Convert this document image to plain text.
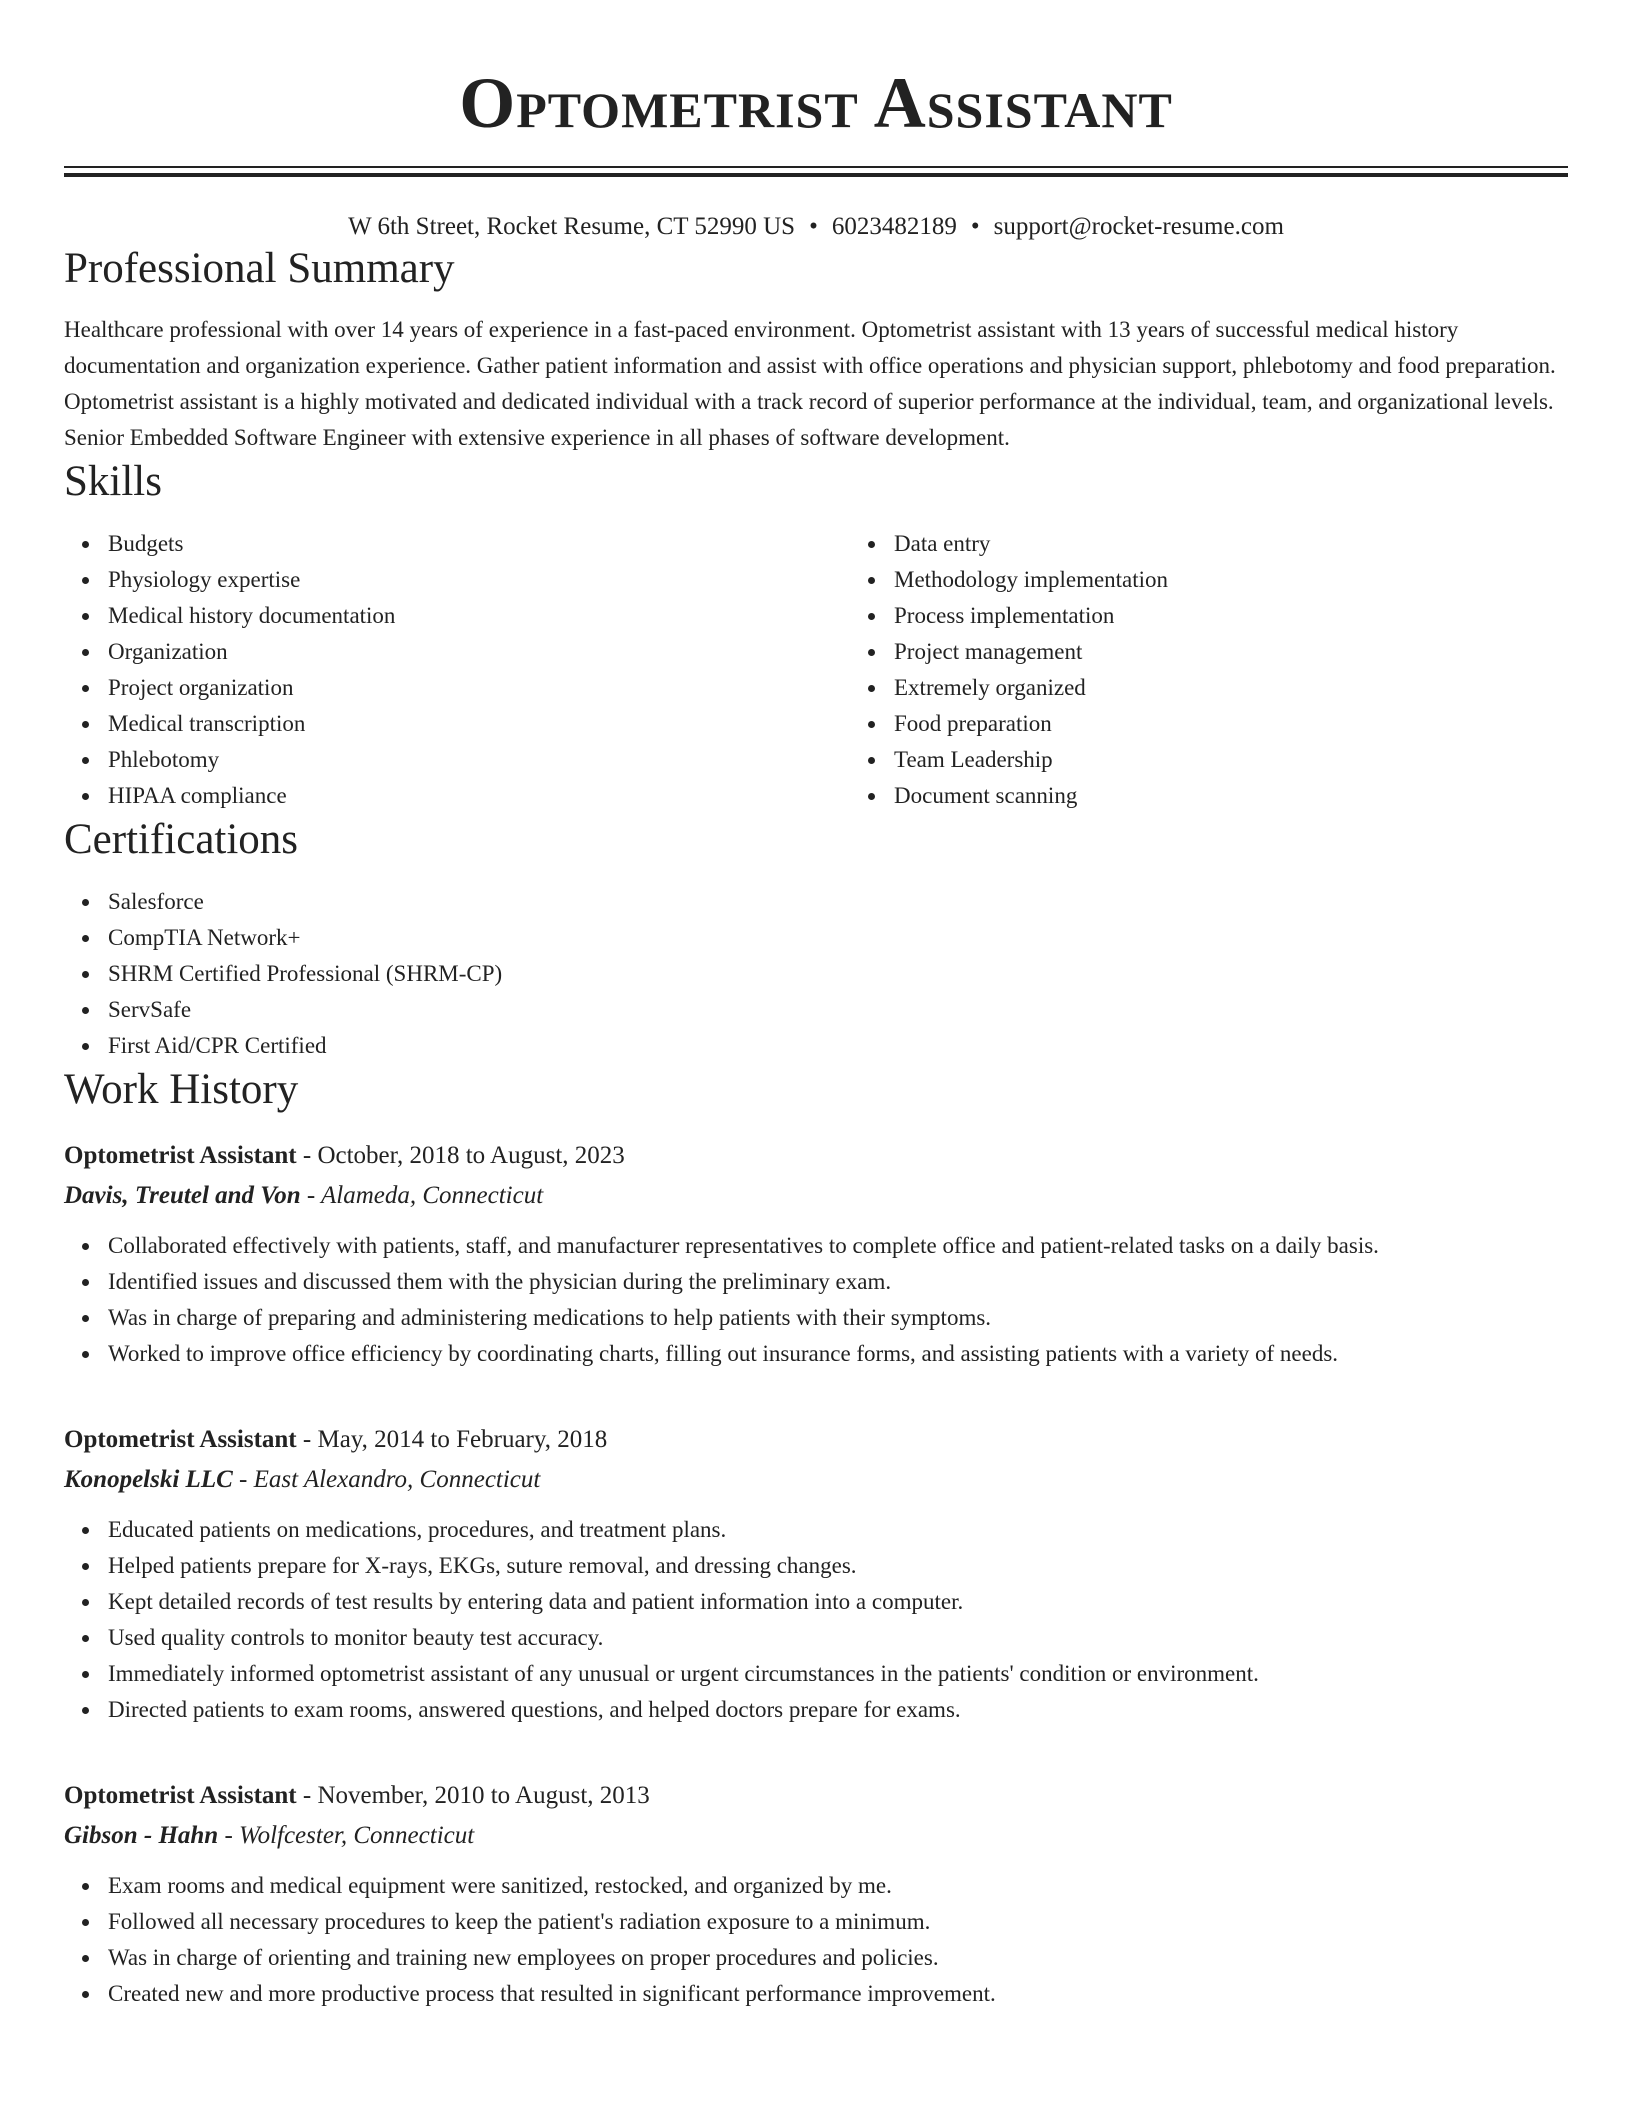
Optometrist Assistant
W 6th Street, Rocket Resume, CT 52990 US • 6023482189 • support@rocket-resume.com
Professional Summary

Healthcare professional with over 14 years of experience in a fast-paced environment. Optometrist assistant with 13 years of successful medical history documentation and organization experience. Gather patient information and assist with office operations and physician support, phlebotomy and food preparation. Optometrist assistant is a highly motivated and dedicated individual with a track record of superior performance at the individual, team, and organizational levels. Senior Embedded Software Engineer with extensive experience in all phases of software development.

Skills
Budgets
Physiology expertise
Medical history documentation
Organization
Project organization
Medical transcription
Phlebotomy
HIPAA compliance
Data entry
Methodology implementation
Process implementation
Project management
Extremely organized
Food preparation
Team Leadership
Document scanning
Certifications
Salesforce
CompTIA Network+
SHRM Certified Professional (SHRM-CP)
ServSafe
First Aid/CPR Certified
Work History
Optometrist Assistant - October, 2018 to August, 2023
Davis, Treutel and Von - Alameda, Connecticut
Collaborated effectively with patients, staff, and manufacturer representatives to complete office and patient-related tasks on a daily basis.
Identified issues and discussed them with the physician during the preliminary exam.
Was in charge of preparing and administering medications to help patients with their symptoms.
Worked to improve office efficiency by coordinating charts, filling out insurance forms, and assisting patients with a variety of needs.
Optometrist Assistant - May, 2014 to February, 2018
Konopelski LLC - East Alexandro, Connecticut
Educated patients on medications, procedures, and treatment plans.
Helped patients prepare for X-rays, EKGs, suture removal, and dressing changes.
Kept detailed records of test results by entering data and patient information into a computer.
Used quality controls to monitor beauty test accuracy.
Immediately informed optometrist assistant of any unusual or urgent circumstances in the patients' condition or environment.
Directed patients to exam rooms, answered questions, and helped doctors prepare for exams.
Optometrist Assistant - November, 2010 to August, 2013
Gibson - Hahn - Wolfcester, Connecticut
Exam rooms and medical equipment were sanitized, restocked, and organized by me.
Followed all necessary procedures to keep the patient's radiation exposure to a minimum.
Was in charge of orienting and training new employees on proper procedures and policies.
Created new and more productive process that resulted in significant performance improvement.
